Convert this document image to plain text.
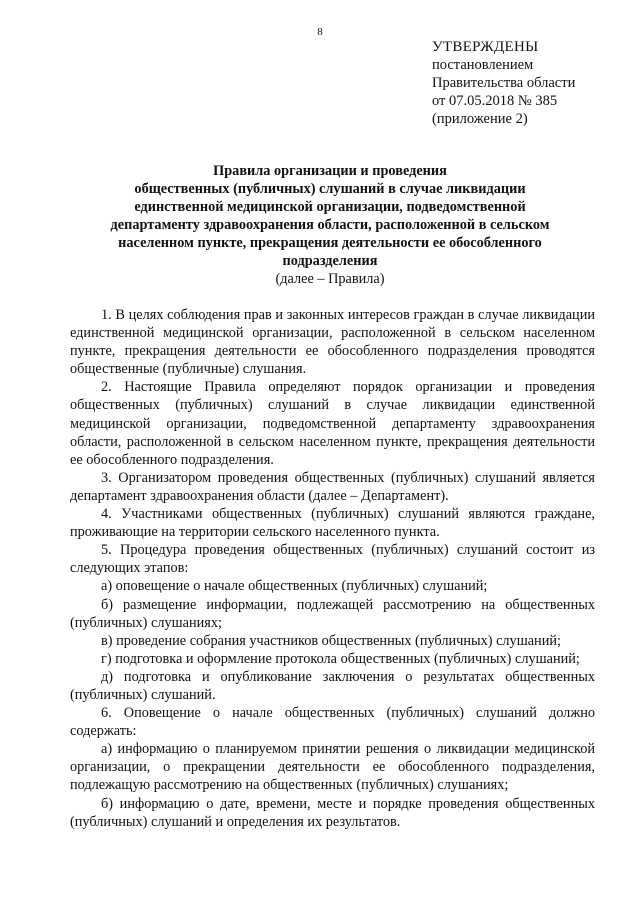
8
УТВЕРЖДЕНЫ
постановлением
Правительства области
от 07.05.2018 № 385
(приложение 2)
Правила организации и проведения
общественных (публичных) слушаний в случае ликвидации
единственной медицинской организации, подведомственной
департаменту здравоохранения области, расположенной в сельском
населенном пункте, прекращения деятельности ее обособленного
подразделения
(далее – Правила)

1. В целях соблюдения прав и законных интересов граждан в случае ликвидации единственной медицинской организации, расположенной в сельском населенном пункте, прекращения деятельности ее обособленного подразделения проводятся общественные (публичные) слушания.

2. Настоящие Правила определяют порядок организации и проведения общественных (публичных) слушаний в случае ликвидации единственной медицинской организации, подведомственной департаменту здравоохранения области, расположенной в сельском населенном пункте, прекращения деятельности ее обособленного подразделения.

3. Организатором проведения общественных (публичных) слушаний является департамент здравоохранения области (далее – Департамент).

4. Участниками общественных (публичных) слушаний являются граждане, проживающие на территории сельского населенного пункта.

5. Процедура проведения общественных (публичных) слушаний состоит из следующих этапов:

а) оповещение о начале общественных (публичных) слушаний;

б) размещение информации, подлежащей рассмотрению на общественных (публичных) слушаниях;

в) проведение собрания участников общественных (публичных) слушаний;

г) подготовка и оформление протокола общественных (публичных) слушаний;

д) подготовка и опубликование заключения о результатах общественных (публичных) слушаний.

6. Оповещение о начале общественных (публичных) слушаний должно содержать:

а) информацию о планируемом принятии решения о ликвидации медицинской организации, о прекращении деятельности ее обособленного подразделения, подлежащую рассмотрению на общественных (публичных) слушаниях;

б) информацию о дате, времени, месте и порядке проведения общественных (публичных) слушаний и определения их результатов.
